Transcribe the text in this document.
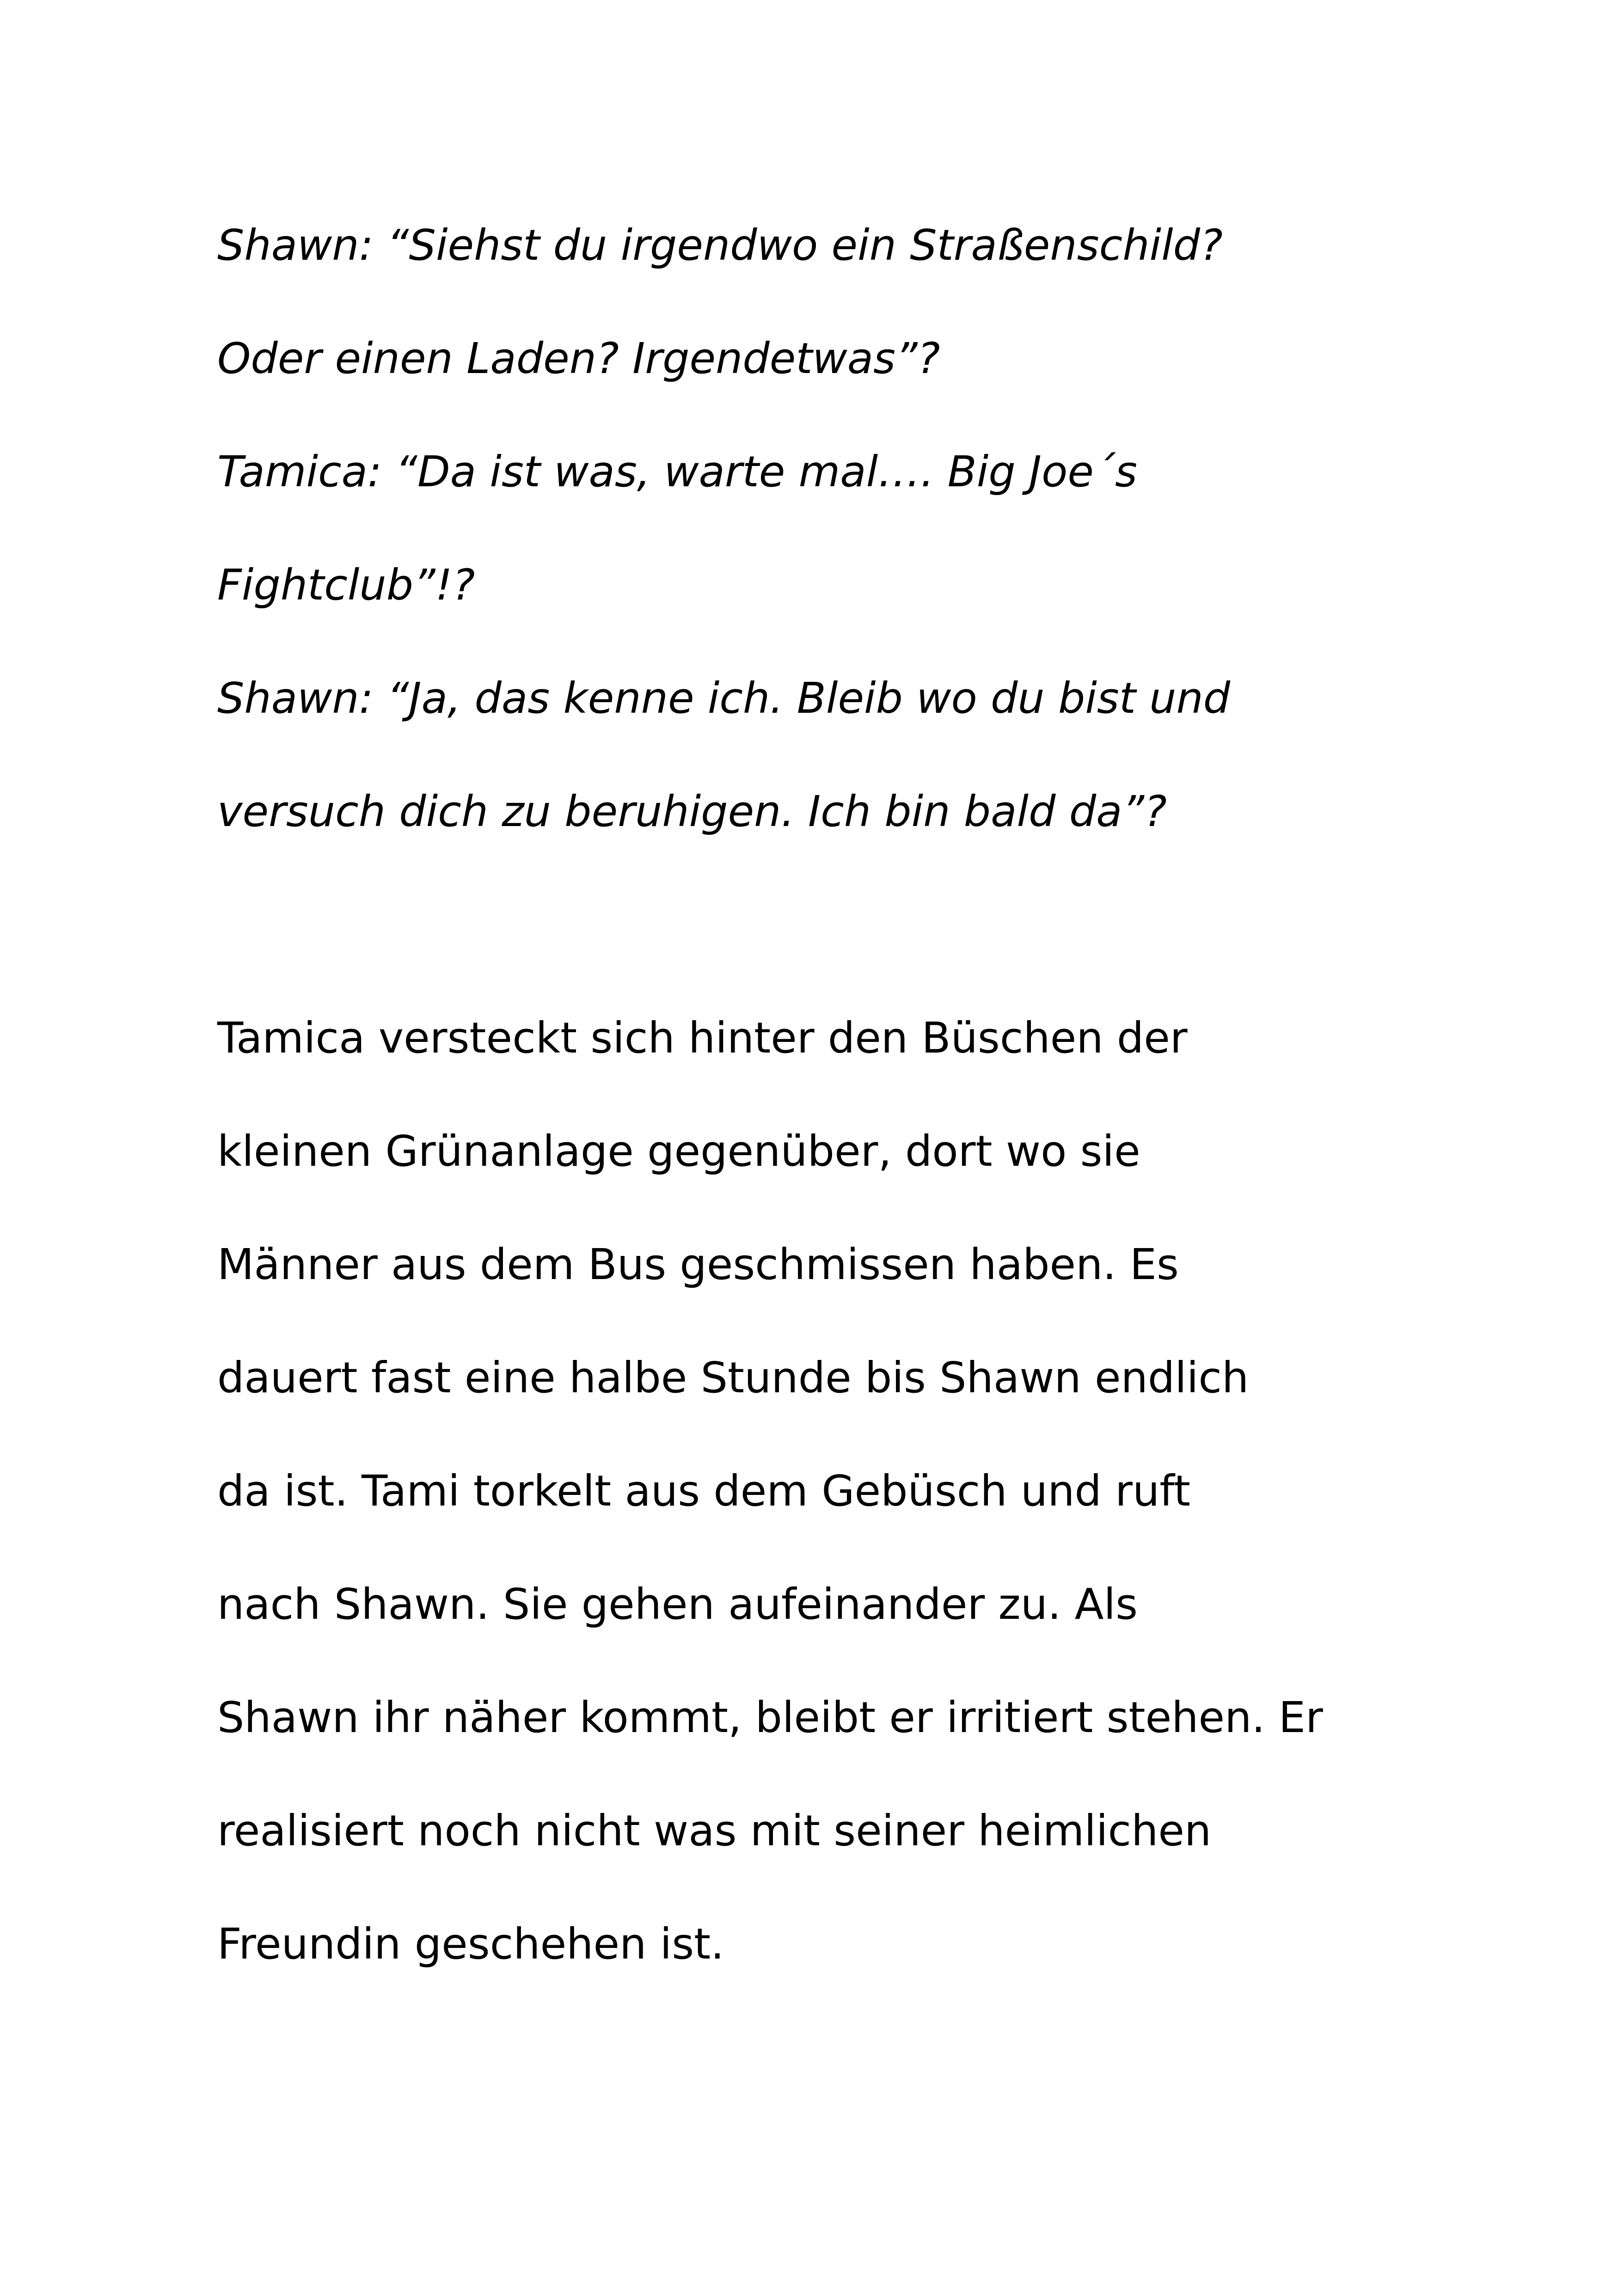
Shawn: “Siehst du irgendwo ein Straßenschild?
Oder einen Laden? Irgendetwas”?
Tamica: “Da ist was, warte mal…. Big Joe´s
Fightclub”!?
Shawn: “Ja, das kenne ich. Bleib wo du bist und
versuch dich zu beruhigen. Ich bin bald da”?
Tamica versteckt sich hinter den Büschen der
kleinen Grünanlage gegenüber, dort wo sie
Männer aus dem Bus geschmissen haben. Es
dauert fast eine halbe Stunde bis Shawn endlich
da ist. Tami torkelt aus dem Gebüsch und ruft
nach Shawn. Sie gehen aufeinander zu. Als
Shawn ihr näher kommt, bleibt er irritiert stehen. Er
realisiert noch nicht was mit seiner heimlichen
Freundin geschehen ist.
